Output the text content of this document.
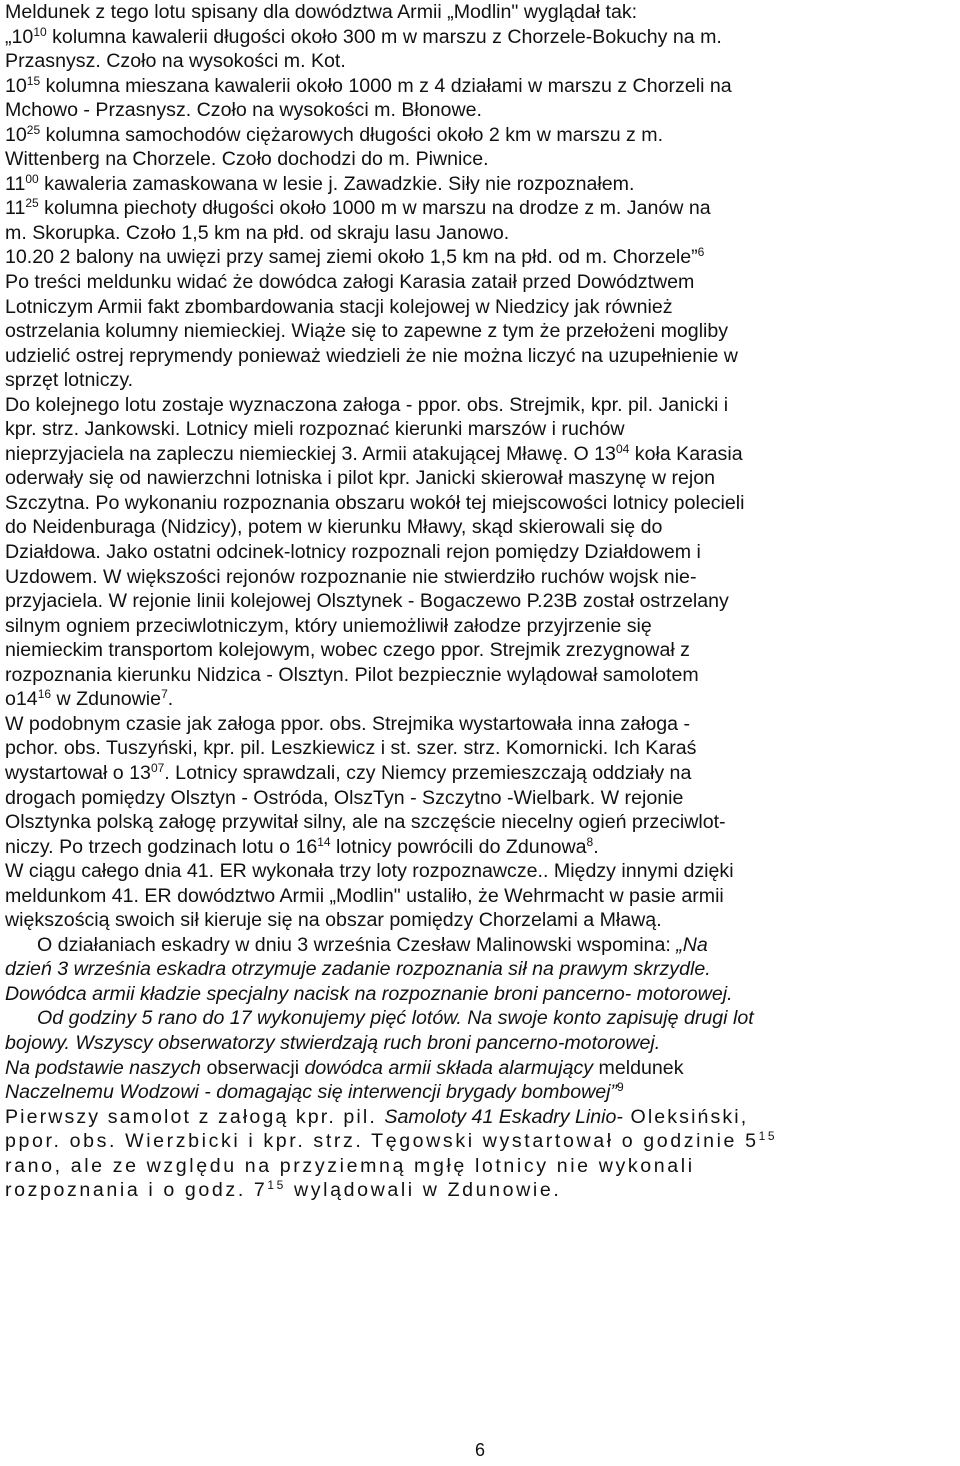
Meldunek z tego lotu spisany dla dowództwa Armii „Modlin" wyglądał tak:
$„10^{10}$ kolumna kawalerii długości około 300 m w marszu z Chorzele-Bokuchy na m.
Przasnysz. Czoło na wysokości m. Kot.
$10^{15}$ kolumna mieszana kawalerii około 1000 m z 4 działami w marszu z Chorzeli na
Mchowo - Przasnysz. Czoło na wysokości m. Błonowe.
$10^{25}$ kolumna samochodów ciężarowych długości około 2 km w marszu z m.
Wittenberg na Chorzele. Czoło dochodzi do m. Piwnice.
$11^{00}$ kawaleria zamaskowana w lesie j. Zawadzkie. Siły nie rozpoznałem.
$11^{25}$ kolumna piechoty długości około 1000 m w marszu na drodze z m. Janów na
m. Skorupka. Czoło 1,5 km na płd. od skraju lasu Janowo.
10.20 2 balony na uwięzi przy samej ziemi około 1,5 km na płd. od m. Chorzele”$^6$
Po treści meldunku widać że dowódca załogi Karasia zataił przed Dowództwem
Lotniczym Armii fakt zbombardowania stacji kolejowej w Niedzicy jak również
ostrzelania kolumny niemieckiej. Wiąże się to zapewne z tym że przełożeni mogliby
udzielić ostrej reprymendy ponieważ wiedzieli że nie można liczyć na uzupełnienie w
sprzęt lotniczy.
Do kolejnego lotu zostaje wyznaczona załoga - ppor. obs. Strejmik, kpr. pil. Janicki i
kpr. strz. Jankowski. Lotnicy mieli rozpoznać kierunki marszów i ruchów
nieprzyjaciela na zapleczu niemieckiej 3. Armii atakującej Mławę. O $13^{04}$ koła Karasia
oderwały się od nawierzchni lotniska i pilot kpr. Janicki skierował maszynę w rejon
Szczytna. Po wykonaniu rozpoznania obszaru wokół tej miejscowości lotnicy polecieli
do Neidenburaga (Nidzicy), potem w kierunku Mławy, skąd skierowali się do
Działdowa. Jako ostatni odcinek-lotnicy rozpoznali rejon pomiędzy Działdowem i
Uzdowem. W większości rejonów rozpoznanie nie stwierdziło ruchów wojsk nie-
przyjaciela. W rejonie linii kolejowej Olsztynek - Bogaczewo P.23B został ostrzelany
silnym ogniem przeciwlotniczym, który uniemożliwił załodze przyjrzenie się
niemieckim transportom kolejowym, wobec czego ppor. Strejmik zrezygnował z
rozpoznania kierunku Nidzica - Olsztyn. Pilot bezpiecznie wylądował samolotem
$o14^{16}$ w Zdunowie$^7$.
W podobnym czasie jak załoga ppor. obs. Strejmika wystartowała inna załoga -
pchor. obs. Tuszyński, kpr. pil. Leszkiewicz i st. szer. strz. Komornicki. Ich Karaś
wystartował o $13^{07}$. Lotnicy sprawdzali, czy Niemcy przemieszczają oddziały na
drogach pomiędzy Olsztyn - Ostróda, OlszTyn - Szczytno -Wielbark. W rejonie
Olsztynka polską załogę przywitał silny, ale na szczęście niecelny ogień przeciwlot-
niczy. Po trzech godzinach lotu o $16^{14}$ lotnicy powrócili do Zdunowa$^8$.
W ciągu całego dnia 41. ER wykonała trzy loty rozpoznawcze.. Między innymi dzięki
meldunkom 41. ER dowództwo Armii „Modlin" ustaliło, że Wehrmacht w pasie armii
większością swoich sił kieruje się na obszar pomiędzy Chorzelami a Mławą.
O działaniach eskadry w dniu 3 września Czesław Malinowski wspomina: „Na
dzień 3 września eskadra otrzymuje zadanie rozpoznania sił na prawym skrzydle.
Dowódca armii kładzie specjalny nacisk na rozpoznanie broni pancerno- motorowej.
Od godziny 5 rano do 17 wykonujemy pięć lotów. Na swoje konto zapisuję drugi lot
bojowy. Wszyscy obserwatorzy stwierdzają ruch broni pancerno-motorowej.
Na podstawie naszych obserwacji dowódca armii składa alarmujący meldunek
Naczelnemu Wodzowi - domagając się interwencji brygady bombowej”$^9$
Pierwszy samolot z załogą kpr. pil. Samoloty 41 Eskadry Linio- Oleksiński,
ppor. obs. Wierzbicki i kpr. strz. Tęgowski wystartował o godzinie $5^{15}$
rano, ale ze względu na przyziemną mgłę lotnicy nie wykonali
rozpoznania i o godz. $7^{15}$ wylądowali w Zdunowie.
6
